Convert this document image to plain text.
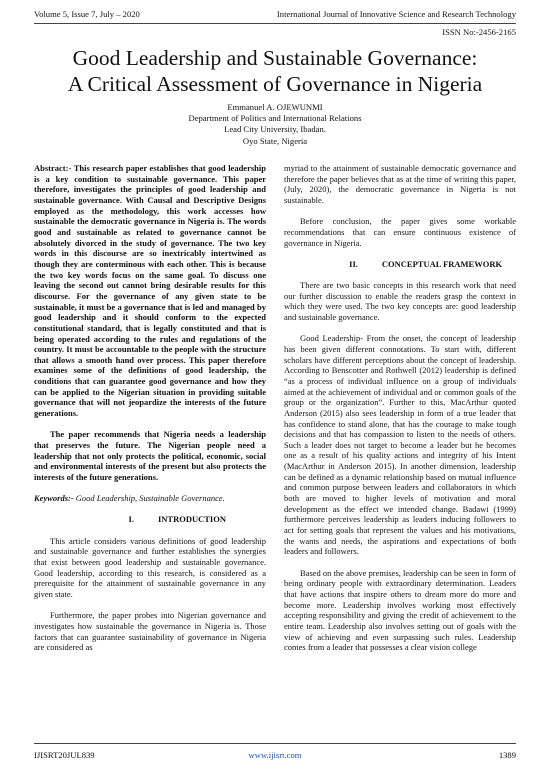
Volume 5, Issue 7, July – 2020	International Journal of Innovative Science and Research Technology
ISSN No:-2456-2165
Good Leadership and Sustainable Governance:
A Critical Assessment of Governance in Nigeria
Emmanuel A. OJEWUNMI
Department of Politics and International Relations
Lead City University, Ibadan.
Oyo State, Nigeria

Abstract:- This research paper establishes that good leadership is a key condition to sustainable governance. This paper therefore, investigates the principles of good leadership and sustainable governance. With Causal and Descriptive Designs employed as the methodology, this work accesses how sustainable the democratic governance in Nigeria is. The words good and sustainable as related to governance cannot be absolutely divorced in the study of governance. The two key words in this discourse are so inextricably intertwined as though they are conterminous with each other. This is because the two key words focus on the same goal. To discuss one leaving the second out cannot bring desirable results for this discourse. For the governance of any given state to be sustainable, it must be a governance that is led and managed by good leadership and it should conform to the expected constitutional standard, that is legally constituted and that is being operated according to the rules and regulations of the country. It must be accountable to the people with the structure that allows a smooth hand over process. This paper therefore examines some of the definitions of good leadership, the conditions that can guarantee good governance and how they can be applied to the Nigerian situation in providing suitable governance that will not jeopardize the interests of the future generations.

The paper recommends that Nigeria needs a leadership that preserves the future. The Nigerian people need a leadership that not only protects the political, economic, social and environmental interests of the present but also protects the interests of the future generations.

Keywords:- Good Leadership, Sustainable Governance.

I.	INTRODUCTION

This article considers various definitions of good leadership and sustainable governance and further establishes the synergies that exist between good leadership and sustainable governance. Good leadership, according to this research, is considered as a prerequisite for the attainment of sustainable governance in any given state.

Furthermore, the paper probes into Nigerian governance and investigates how sustainable the governance in Nigeria is. Those factors that can guarantee sustainability of governance in Nigeria are considered as

myriad to the attainment of sustainable democratic governance and therefore the paper believes that as at the time of writing this paper, (July, 2020), the democratic governance in Nigeria is not sustainable.

Before conclusion, the paper gives some workable recommendations that can ensure continuous existence of governance in Nigeria.

II.	CONCEPTUAL FRAMEWORK

There are two basic concepts in this research work that need our further discussion to enable the readers grasp the context in which they were used. The two key concepts are: good leadership and sustainable governance.

Good Leadership- From the onset, the concept of leadership has been given different connotations. To start with, different scholars have different perceptions about the concept of leadership. According to Benscotter and Rothwell (2012) leadership is defined “as a process of individual influence on a group of individuals aimed at the achievement of individual and or common goals of the group or the organization”. Further to this, MacArthur quoted Anderson (2015) also sees leadership in form of a true leader that has confidence to stand alone, that has the courage to make tough decisions and that has compassion to listen to the needs of others. Such a leader does not target to become a leader but he becomes one as a result of his quality actions and integrity of his Intent (MacArthur in Anderson 2015). In another dimension, leadership can be defined as a dynamic relationship based on mutual influence and common purpose between leaders and collaborators in which both are moved to higher levels of motivation and moral development as the effect we intended change. Badawi (1999) furthermore perceives leadership as leaders inducing followers to act for setting goals that represent the values and his motivations, the wants and needs, the aspirations and expectations of both leaders and followers.

Based on the above premises, leadership can be seen in form of being ordinary people with extraordinary determination. Leaders that have actions that inspire others to dream more do more and become more. Leadership involves working most effectively accepting responsibility and giving the credit of achievement to the entire team. Leadership also involves setting out of goals with the view of achieving and even surpassing such rules. Leadership comes from a leader that possesses a clear vision college

IJISRT20JUL839	www.ijisrt.com	1389
